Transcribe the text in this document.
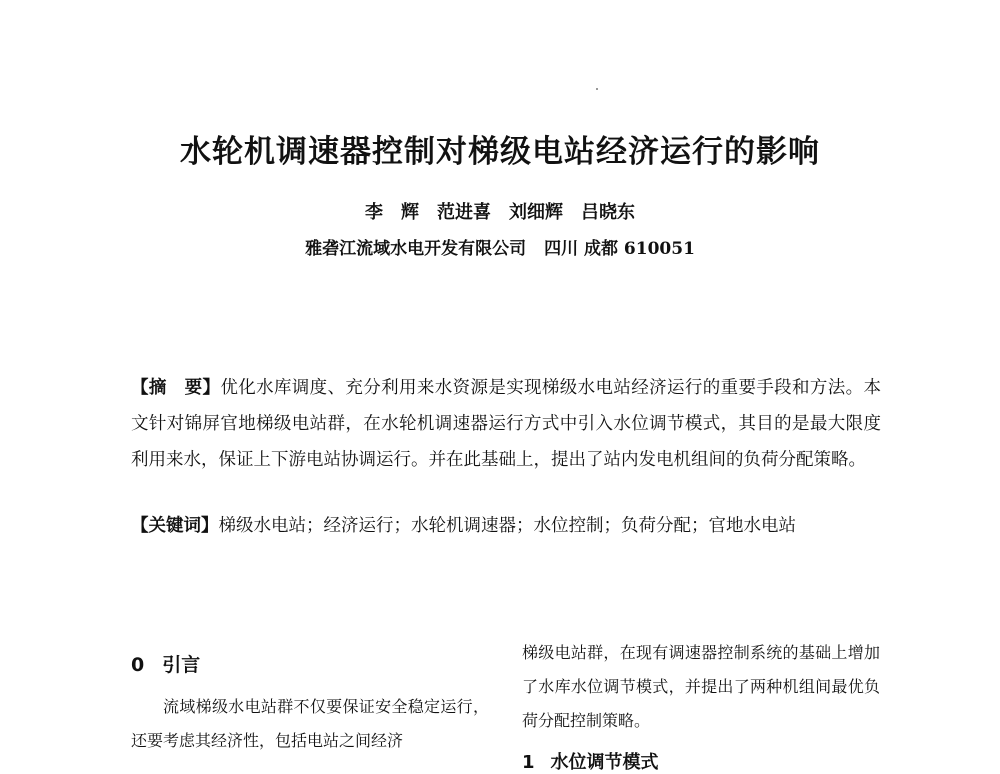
水轮机调速器控制对梯级电站经济运行的影响
李　辉　范进喜　刘细辉　吕晓东
雅砻江流域水电开发有限公司 四川 成都 610051
【摘　要】优化水库调度、充分利用来水资源是实现梯级水电站经济运行的重要手段和方法。本文针对锦屏官地梯级电站群，在水轮机调速器运行方式中引入水位调节模式，其目的是最大限度利用来水，保证上下游电站协调运行。并在此基础上，提出了站内发电机组间的负荷分配策略。
【关键词】梯级水电站；经济运行；水轮机调速器；水位控制；负荷分配；官地水电站
0 引言

流域梯级水电站群不仅要保证安全稳定运行，还要考虑其经济性，包括电站之间经济

梯级电站群，在现有调速器控制系统的基础上增加了水库水位调节模式，并提出了两种机组间最优负荷分配控制策略。

1 水位调节模式
